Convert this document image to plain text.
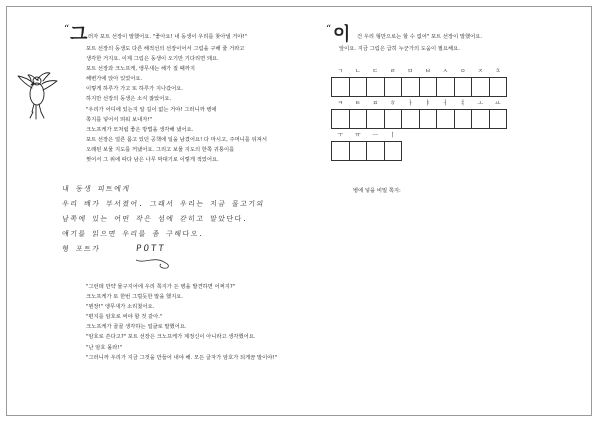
“ 그 러자 포트 선장이 말했어요. "좋아요! 내 동생이 우리를 찾아낼 거야!"
포트 선장의 동생도 다른 해적선의 선장이어서 그림을 구해 줄 거라고
생각한 거지요. 이제 그림은 동생이 오기만 기다리면 돼요.
포트 선장과 크노프케, 앵무새는 해가 질 때까지
해변가에 앉아 있었어요.
이렇게 하루가 가고 또 하루가 지나갔어요.
하지만 선장의 동생은 소식 잖았어요.
"우리가 어디에 있는지 알 길이 없는 거야! 그러니까 병에
쪽지를 넣어서 띄워 보내자!"
크노프케가 모처럼 좋은 방법을 생각해 냈어요.
포트 선장은 얼른 몸고 있던 공책에 일을 남겼어요! 다 마시고, 주머니를 뒤져서
오래된 보물 지도를 꺼냈어요. 그리고 보물 지도의 한쪽 귀퉁이를
찢어서 그 위에 따다 남은 나무 막대기로 이렇게 적었어요.
내 동생 피트에게
우리 배가 부서졌어. 그래서 우리는 지금 물고기의
남쪽에 있는 어떤 작은 섬에 갇히고 말았단다.
얘기를 읽으면 우리를 좀 구해다오.
형 포트가	POTT
"그런데 만약 물구지어에 우리 쪽지가 든 병을 발견하면 어쩌지?"
크노프케가 또 한번 그럴듯한 말을 했지요.
"뭔장!" 앵무새가 소리쳤어요.
"편지를 암호로 써야 할 것 같아."
크노프케가 골골 생각하는 얼굴로 말했어요.
"암호로 쓴다고?" 포트 선장은 크노프케가 제정신이 아니라고 생각했어요.
"난 암호 몰라!"
"그러니까 우리가 지금 그것을 만들어 내야 해. 모든 글자가 암호가 되게끔 말이야!"
“ 이 건 우리 형만으로는 할 수 없어" 포트 선장이 말했어요.
앞이요. 지금 그림은 급히 누군가의 도움이 필요해요.
ㄱ	ㄴ	ㄷ	ㄹ	ㅁ	ㅂ	ㅅ	ㅇ	ㅈ	ㅊ

ㅋ	ㅌ	ㅍ	ㅎ	ㅏ	ㅑ	ㅓ	ㅕ	ㅗ	ㅛ

ㅜ	ㅠ	ㅡ	ㅣ

병에 넣을 비밀 쪽지:
